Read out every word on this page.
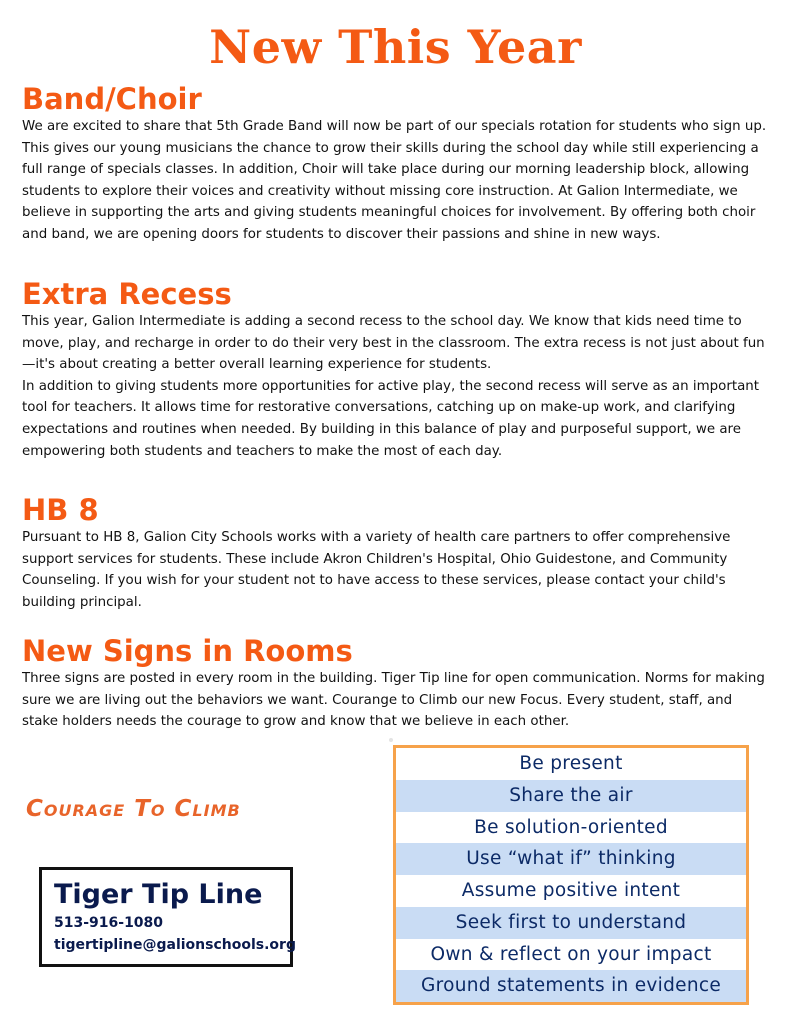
New This Year
Band/Choir

We are excited to share that 5th Grade Band will now be part of our specials rotation for students who sign up. This gives our young musicians the chance to grow their skills during the school day while still experiencing a full range of specials classes. In addition, Choir will take place during our morning leadership block, allowing students to explore their voices and creativity without missing core instruction. At Galion Intermediate, we believe in supporting the arts and giving students meaningful choices for involvement. By offering both choir and band, we are opening doors for students to discover their passions and shine in new ways.

Extra Recess

This year, Galion Intermediate is adding a second recess to the school day. We know that kids need time to move, play, and recharge in order to do their very best in the classroom. The extra recess is not just about fun—it's about creating a better overall learning experience for students.

In addition to giving students more opportunities for active play, the second recess will serve as an important tool for teachers. It allows time for restorative conversations, catching up on make-up work, and clarifying expectations and routines when needed. By building in this balance of play and purposeful support, we are empowering both students and teachers to make the most of each day.

HB 8

Pursuant to HB 8, Galion City Schools works with a variety of health care partners to offer comprehensive support services for students. These include Akron Children's Hospital, Ohio Guidestone, and Community Counseling. If you wish for your student not to have access to these services, please contact your child's building principal.

New Signs in Rooms

Three signs are posted in every room in the building. Tiger Tip line for open communication. Norms for making sure we are living out the behaviors we want. Courange to Climb our new Focus. Every student, staff, and stake holders needs the courage to grow and know that we believe in each other.

Courage To Climb
Tiger Tip Line
513-916-1080
tigertipline@galionschools.org
Be present
Share the air
Be solution-oriented
Use “what if” thinking
Assume positive intent
Seek first to understand
Own & reflect on your impact
Ground statements in evidence
